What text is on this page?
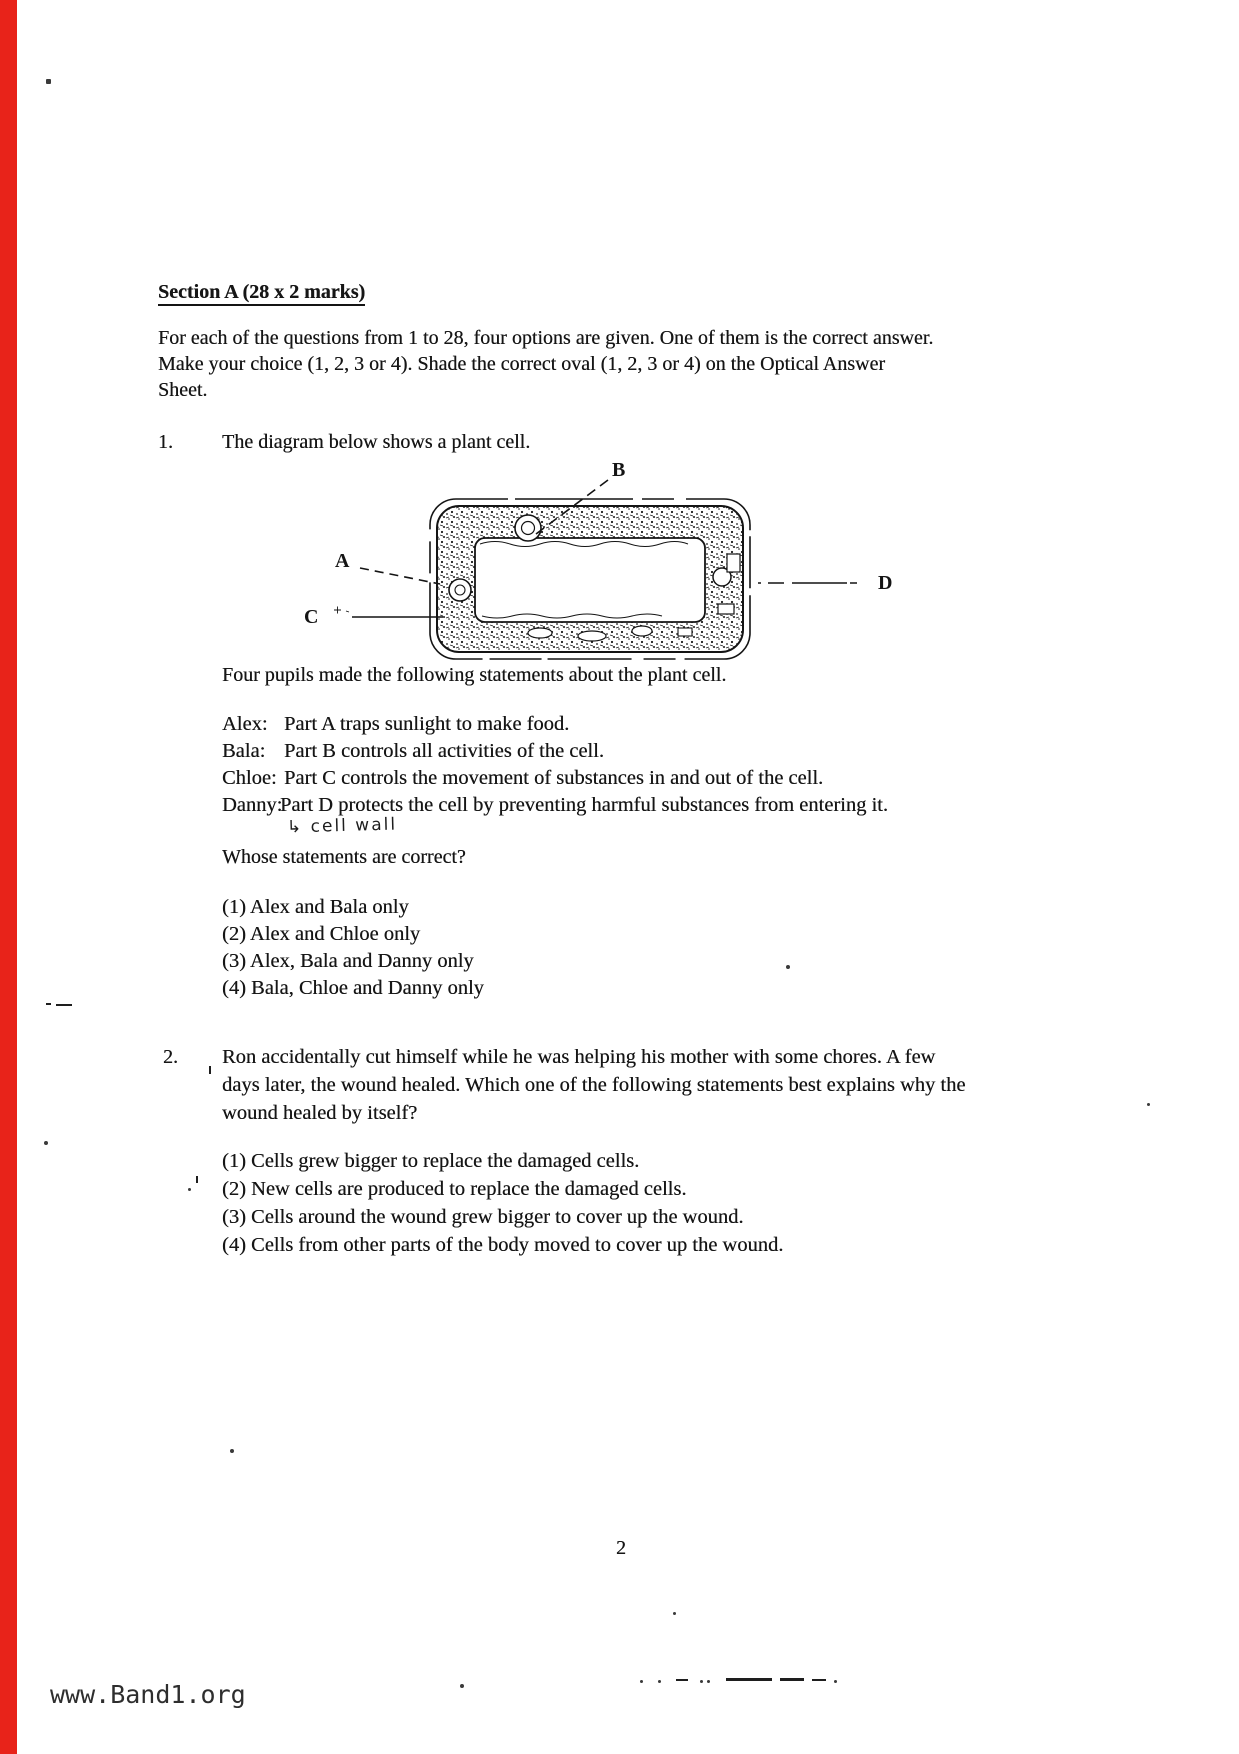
Section A (28 x 2 marks)
For each of the questions from 1 to 28, four options are given. One of them is the correct answer.
Make your choice (1, 2, 3 or 4). Shade the correct oval (1, 2, 3 or 4) on the Optical Answer
Sheet.
1. The diagram below shows a plant cell.
A
B
C
D
Four pupils made the following statements about the plant cell.
Alex: Part A traps sunlight to make food.
Bala: Part B controls all activities of the cell.
Chloe: Part C controls the movement of substances in and out of the cell.
Danny:Part D protects the cell by preventing harmful substances from entering it.
↳ cell wall
Whose statements are correct?
(1) Alex and Bala only
(2) Alex and Chloe only
(3) Alex, Bala and Danny only
(4) Bala, Chloe and Danny only
2. Ron accidentally cut himself while he was helping his mother with some chores. A few
days later, the wound healed. Which one of the following statements best explains why the
wound healed by itself?
(1) Cells grew bigger to replace the damaged cells.
(2) New cells are produced to replace the damaged cells.
(3) Cells around the wound grew bigger to cover up the wound.
(4) Cells from other parts of the body moved to cover up the wound.
2
www.Band1.org
